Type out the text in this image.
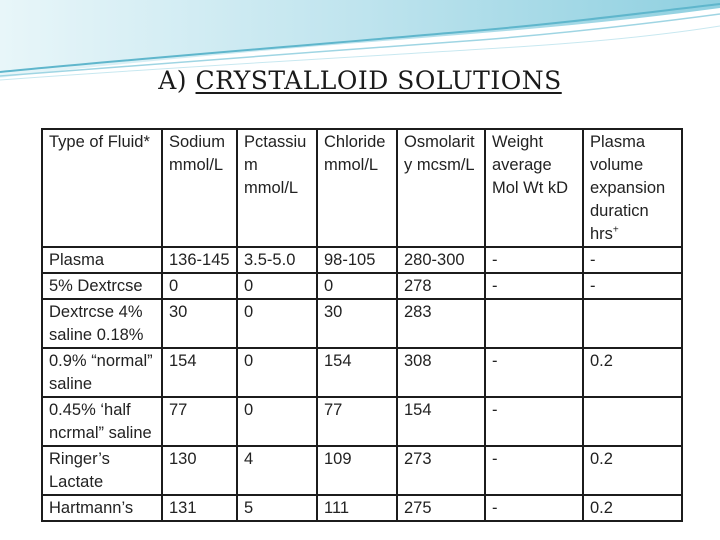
A) CRYSTALLOID SOLUTIONS
Type of Fluid*	Sodium mmol/L	Pctassium mmol/L	Chloride mmol/L	Osmolarity mcsm/L	Weight average Mol Wt kD	Plasma volume expansion duraticn hrs+
Plasma	136-145	3.5-5.0	98-105	280-300	-	-
5% Dextrcse	0	0	0	278	-	-
Dextrcse 4% saline 0.18%	30	0	30	283		
0.9% “normal” saline	154	0	154	308	-	0.2
0.45% ‘half ncrmal” saline	77	0	77	154	-	
Ringer’s Lactate	130	4	109	273	-	0.2
Hartmann’s	131	5	111	275	-	0.2
